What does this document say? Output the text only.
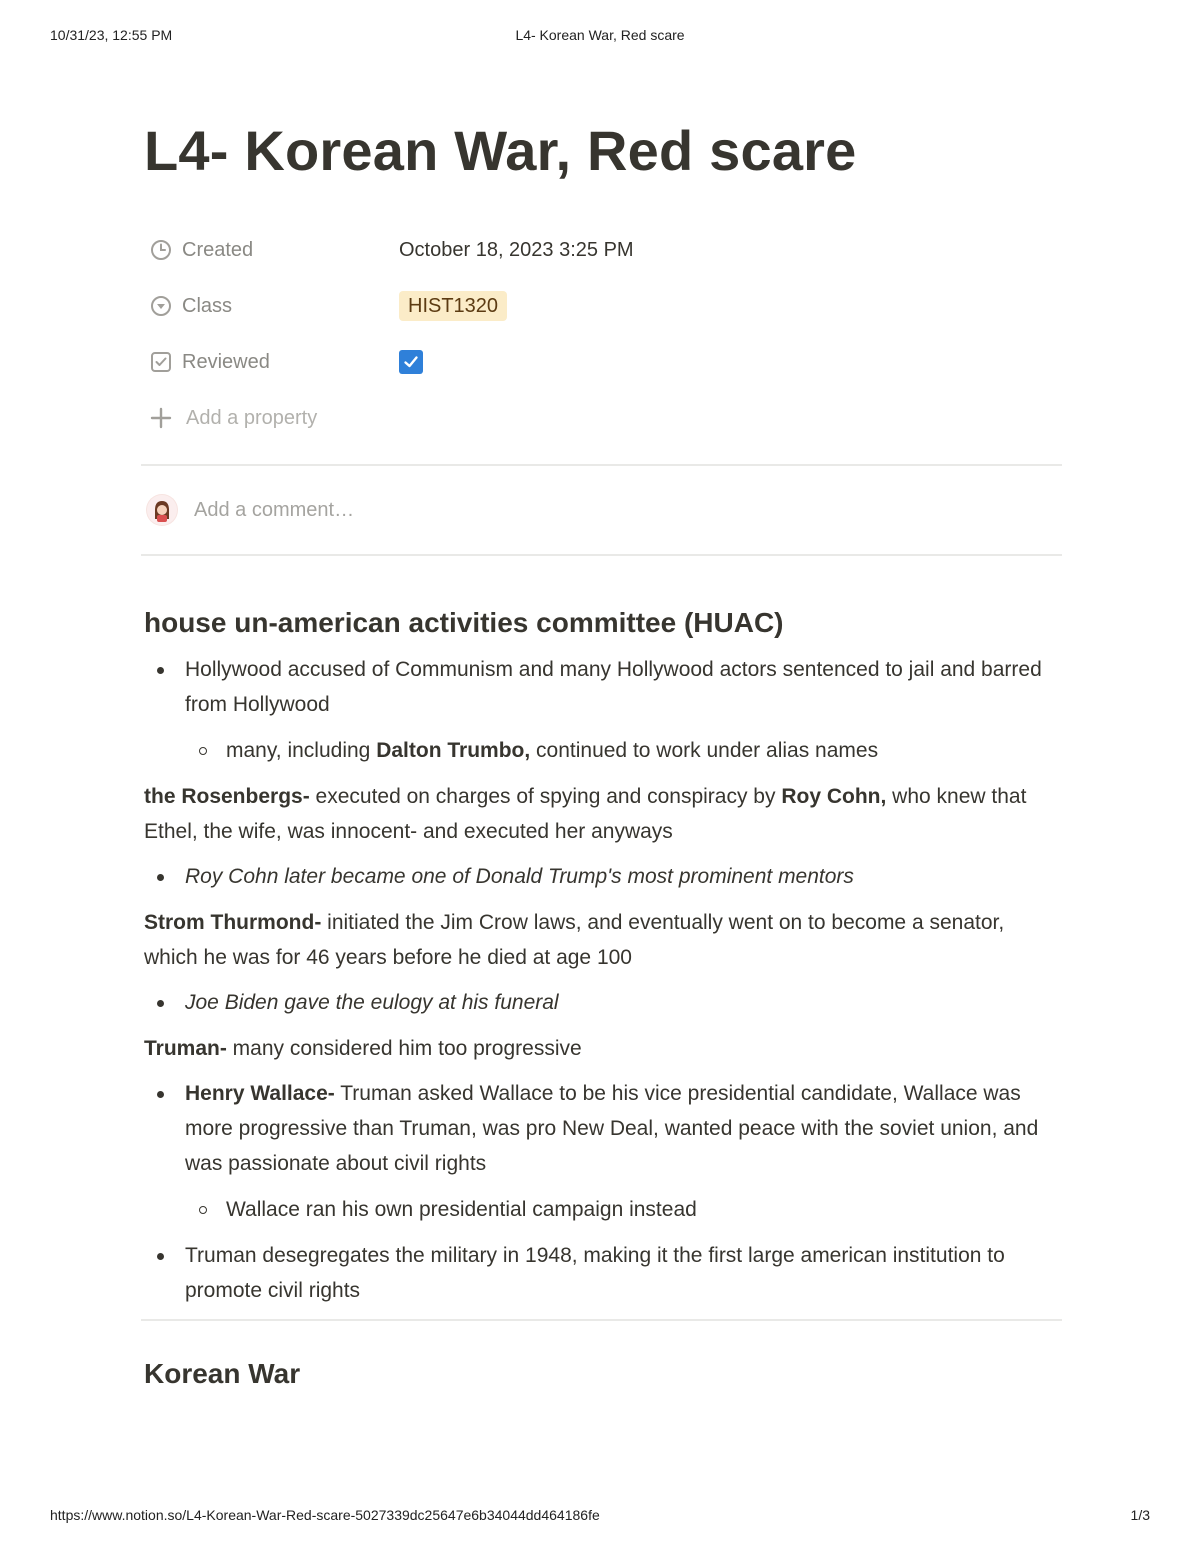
10/31/23, 12:55 PM	L4- Korean War, Red scare
L4- Korean War, Red scare
Created	October 18, 2023 3:25 PM
Class	HIST1320
Reviewed
Add a property
Add a comment…
house un-american activities committee (HUAC)
Hollywood accused of Communism and many Hollywood actors sentenced to jail and barred from Hollywood
many, including Dalton Trumbo, continued to work under alias names

the Rosenbergs- executed on charges of spying and conspiracy by Roy Cohn, who knew that Ethel, the wife, was innocent- and executed her anyways

Roy Cohn later became one of Donald Trump's most prominent mentors

Strom Thurmond- initiated the Jim Crow laws, and eventually went on to become a senator, which he was for 46 years before he died at age 100

Joe Biden gave the eulogy at his funeral

Truman- many considered him too progressive

Henry Wallace- Truman asked Wallace to be his vice presidential candidate, Wallace was more progressive than Truman, was pro New Deal, wanted peace with the soviet union, and was passionate about civil rights
Wallace ran his own presidential campaign instead
Truman desegregates the military in 1948, making it the first large american institution to promote civil rights
Korean War
https://www.notion.so/L4-Korean-War-Red-scare-5027339dc25647e6b34044dd464186fe	1/3
